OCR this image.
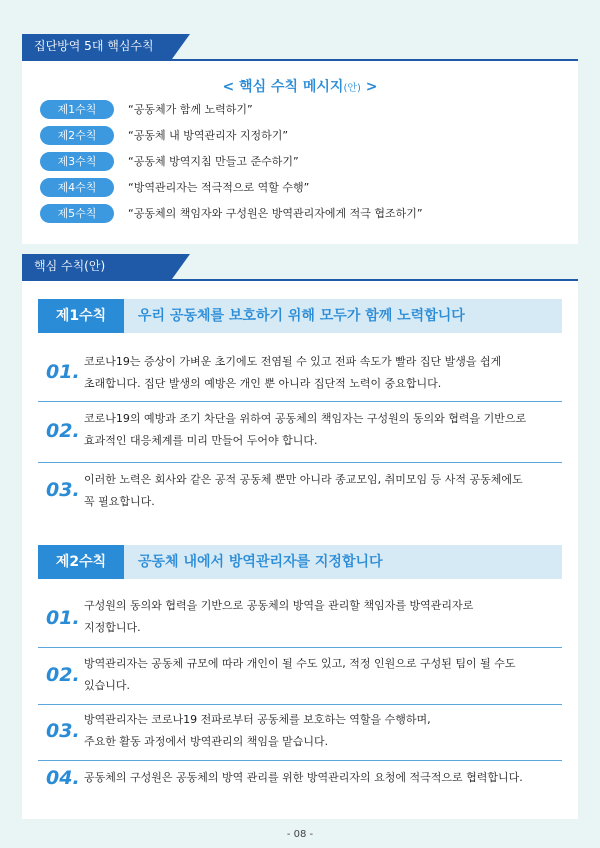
집단방역 5대 핵심수칙
< 핵심 수칙 메시지(안) >
제1수칙	“공동체가 함께 노력하기”
제2수칙	“공동체 내 방역관리자 지정하기”
제3수칙	“공동체 방역지침 만들고 준수하기”
제4수칙	“방역관리자는 적극적으로 역할 수행”
제5수칙	“공동체의 책임자와 구성원은 방역관리자에게 적극 협조하기”
핵심 수칙(안)
제1수칙	우리 공동체를 보호하기 위해 모두가 함께 노력합니다
01. 코로나19는 증상이 가벼운 초기에도 전염될 수 있고 전파 속도가 빨라 집단 발생을 쉽게
초래합니다. 집단 발생의 예방은 개인 뿐 아니라 집단적 노력이 중요합니다.
02.
코로나19의 예방과 조기 차단을 위하여 공동체의 책임자는 구성원의 동의와 협력을 기반으로
효과적인 대응체계를 미리 만들어 두어야 합니다.
03. 이러한 노력은 회사와 같은 공적 공동체 뿐만 아니라 종교모임, 취미모임 등 사적 공동체에도
꼭 필요합니다.
제2수칙	공동체 내에서 방역관리자를 지정합니다
01.
구성원의 동의와 협력을 기반으로 공동체의 방역을 관리할 책임자를 방역관리자로
지정합니다.
02.
방역관리자는 공동체 규모에 따라 개인이 될 수도 있고, 적정 인원으로 구성된 팀이 될 수도
있습니다.
03.
방역관리자는 코로나19 전파로부터 공동체를 보호하는 역할을 수행하며,
주요한 활동 과정에서 방역관리의 책임을 맡습니다.
04. 공동체의 구성원은 공동체의 방역 관리를 위한 방역관리자의 요청에 적극적으로 협력합니다.
- 08 -
